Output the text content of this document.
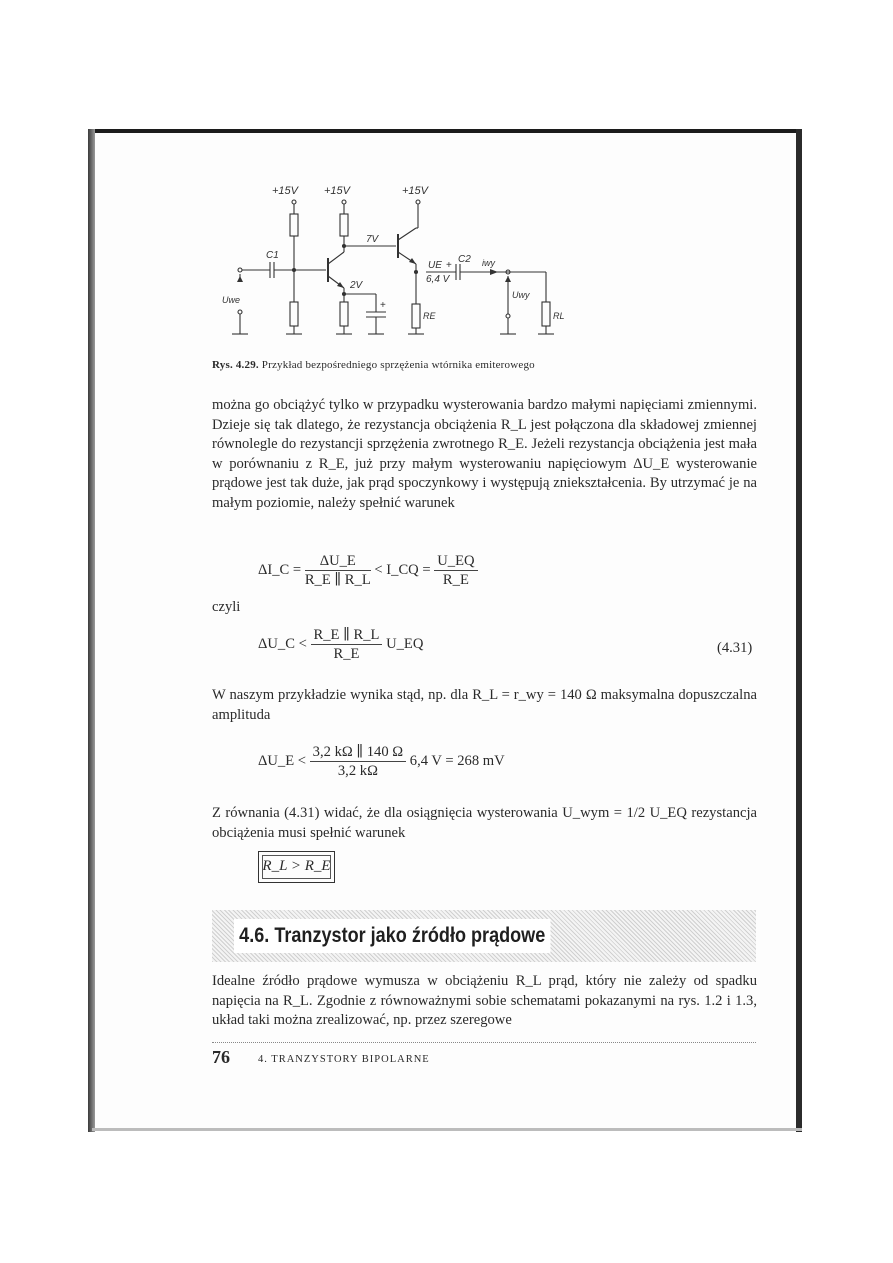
+15V +15V	+15V
C1
Uwe
7V
2V
+
RE
UE
6,4 V
+
C2 iwy
Uwy
RL
Rys. 4.29. Przykład bezpośredniego sprzężenia wtórnika emiterowego
można go obciążyć tylko w przypadku wysterowania bardzo małymi napięciami zmiennymi. Dzieje się tak dlatego, że rezystancja obciążenia R_L jest połączona dla składowej zmiennej równolegle do rezystancji sprzężenia zwrotnego R_E. Jeżeli rezystancja obciążenia jest mała w porównaniu z R_E, już przy małym wysterowaniu napięciowym ΔU_E wysterowanie prądowe jest tak duże, jak prąd spoczynkowy i występują zniekształcenia. By utrzymać je na małym poziomie, należy spełnić warunek
ΔI_C = $\frac{\Delta U\_E}{R\_E \parallel R\_L}$ < I_CQ = $\frac{U\_EQ}{R\_E}$
czyli
ΔU_C < $\frac{R\_E \parallel R\_L}{R\_E}$ U_EQ	(4.31)
W naszym przykładzie wynika stąd, np. dla R_L = r_wy = 140 Ω maksymalna dopuszczalna amplituda
ΔU_E < $\frac{3,2 k\Omega \parallel 140 \Omega}{3,2 k\Omega} 6,4$ V = 268 mV
Z równania (4.31) widać, że dla osiągnięcia wysterowania U_wym = 1/2 U_EQ rezystancja obciążenia musi spełnić warunek
R_L > R_E
4.6. Tranzystor jako źródło prądowe
Idealne źródło prądowe wymusza w obciążeniu R_L prąd, który nie zależy od spadku napięcia na R_L. Zgodnie z równoważnymi sobie schematami pokazanymi na rys. 1.2 i 1.3, układ taki można zrealizować, np. przez szeregowe
76	4. TRANZYSTORY BIPOLARNE
